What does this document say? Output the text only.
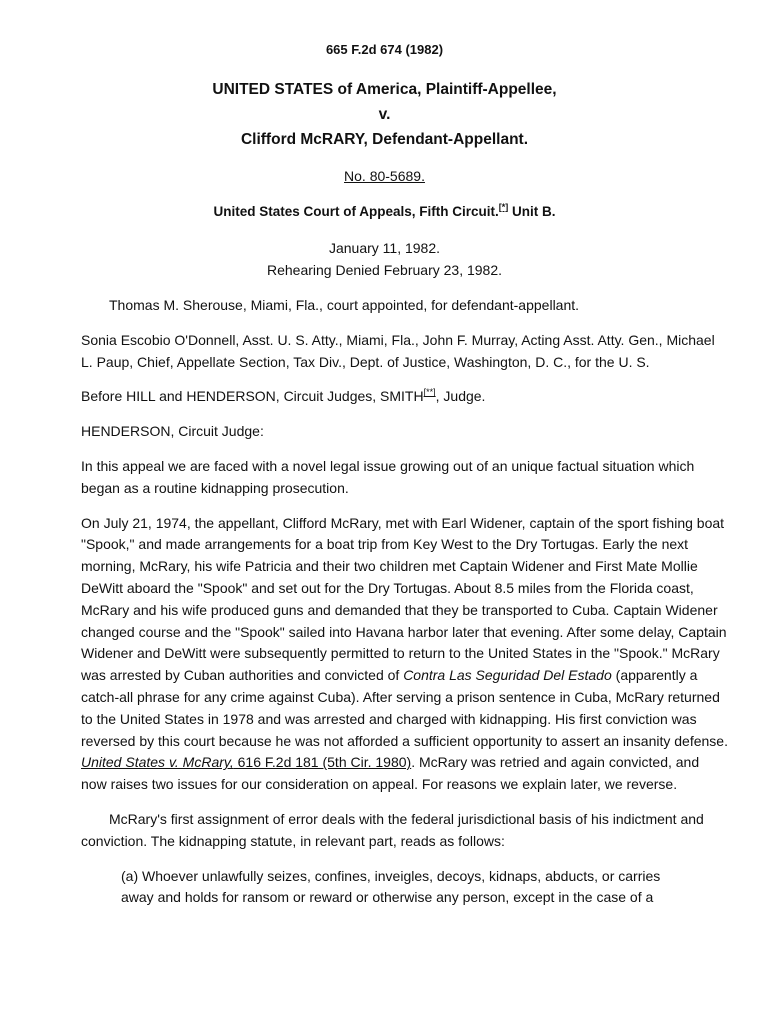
665 F.2d 674 (1982)
UNITED STATES of America, Plaintiff-Appellee,
v.
Clifford McRARY, Defendant-Appellant.
No. 80-5689.
United States Court of Appeals, Fifth Circuit.[*] Unit B.
January 11, 1982.
Rehearing Denied February 23, 1982.

Thomas M. Sherouse, Miami, Fla., court appointed, for defendant-appellant.

Sonia Escobio O'Donnell, Asst. U. S. Atty., Miami, Fla., John F. Murray, Acting Asst. Atty. Gen., Michael L. Paup, Chief, Appellate Section, Tax Div., Dept. of Justice, Washington, D. C., for the U. S.

Before HILL and HENDERSON, Circuit Judges, SMITH[**], Judge.

HENDERSON, Circuit Judge:

In this appeal we are faced with a novel legal issue growing out of an unique factual situation which began as a routine kidnapping prosecution.

On July 21, 1974, the appellant, Clifford McRary, met with Earl Widener, captain of the sport fishing boat "Spook," and made arrangements for a boat trip from Key West to the Dry Tortugas. Early the next morning, McRary, his wife Patricia and their two children met Captain Widener and First Mate Mollie DeWitt aboard the "Spook" and set out for the Dry Tortugas. About 8.5 miles from the Florida coast, McRary and his wife produced guns and demanded that they be transported to Cuba. Captain Widener changed course and the "Spook" sailed into Havana harbor later that evening. After some delay, Captain Widener and DeWitt were subsequently permitted to return to the United States in the "Spook." McRary was arrested by Cuban authorities and convicted of Contra Las Seguridad Del Estado (apparently a catch-all phrase for any crime against Cuba). After serving a prison sentence in Cuba, McRary returned to the United States in 1978 and was arrested and charged with kidnapping. His first conviction was reversed by this court because he was not afforded a sufficient opportunity to assert an insanity defense. United States v. McRary, 616 F.2d 181 (5th Cir. 1980). McRary was retried and again convicted, and now raises two issues for our consideration on appeal. For reasons we explain later, we reverse.

McRary's first assignment of error deals with the federal jurisdictional basis of his indictment and conviction. The kidnapping statute, in relevant part, reads as follows:

(a) Whoever unlawfully seizes, confines, inveigles, decoys, kidnaps, abducts, or carries away and holds for ransom or reward or otherwise any person, except in the case of a
